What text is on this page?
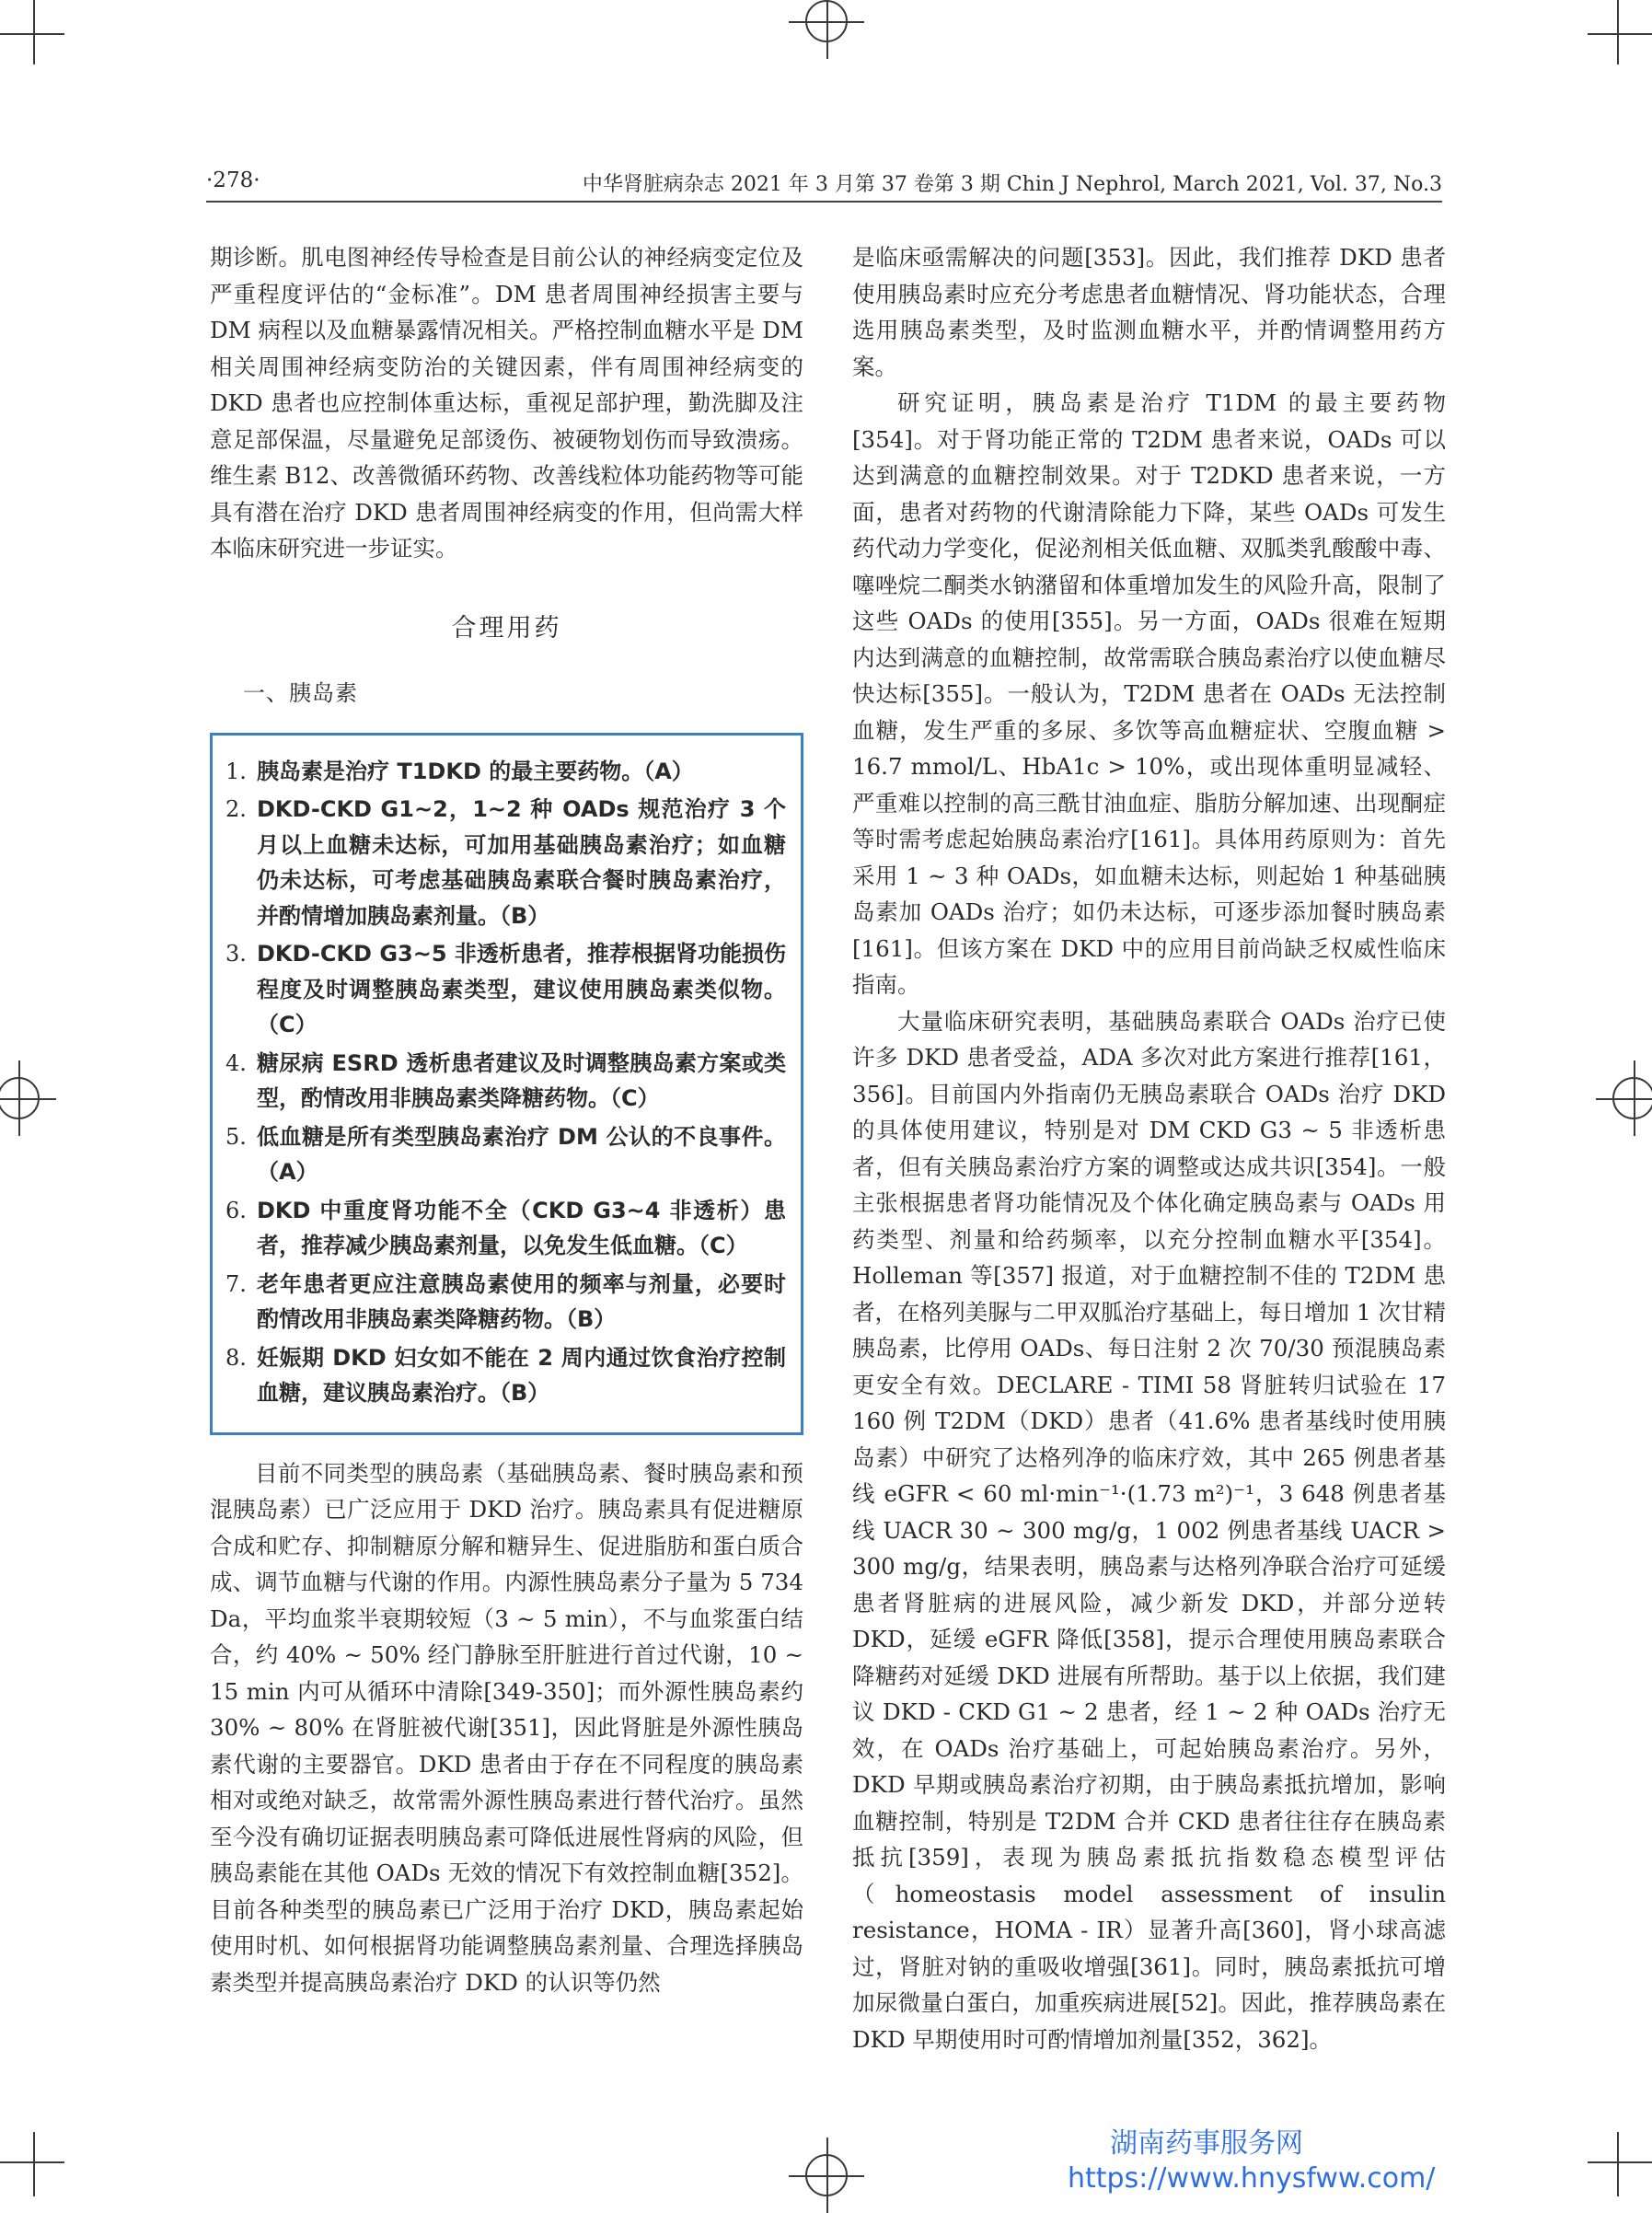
·278·	中华肾脏病杂志 2021 年 3 月第 37 卷第 3 期 Chin J Nephrol, March 2021, Vol. 37, No.3

期诊断。肌电图神经传导检查是目前公认的神经病变定位及严重程度评估的“金标准”。DM 患者周围神经损害主要与 DM 病程以及血糖暴露情况相关。严格控制血糖水平是 DM 相关周围神经病变防治的关键因素，伴有周围神经病变的 DKD 患者也应控制体重达标，重视足部护理，勤洗脚及注意足部保温，尽量避免足部烫伤、被硬物划伤而导致溃疡。维生素 B12、改善微循环药物、改善线粒体功能药物等可能具有潜在治疗 DKD 患者周围神经病变的作用，但尚需大样本临床研究进一步证实。

合理用药
一、胰岛素
1. 胰岛素是治疗 T1DKD 的最主要药物。（A）
2. DKD-CKD G1~2，1~2 种 OADs 规范治疗 3 个月以上血糖未达标，可加用基础胰岛素治疗；如血糖仍未达标，可考虑基础胰岛素联合餐时胰岛素治疗，并酌情增加胰岛素剂量。（B）
3. DKD-CKD G3~5 非透析患者，推荐根据肾功能损伤程度及时调整胰岛素类型，建议使用胰岛素类似物。（C）
4. 糖尿病 ESRD 透析患者建议及时调整胰岛素方案或类型，酌情改用非胰岛素类降糖药物。（C）
5. 低血糖是所有类型胰岛素治疗 DM 公认的不良事件。（A）
6. DKD 中重度肾功能不全（CKD G3~4 非透析）患者，推荐减少胰岛素剂量，以免发生低血糖。（C）
7. 老年患者更应注意胰岛素使用的频率与剂量，必要时酌情改用非胰岛素类降糖药物。（B）
8. 妊娠期 DKD 妇女如不能在 2 周内通过饮食治疗控制血糖，建议胰岛素治疗。（B）

目前不同类型的胰岛素（基础胰岛素、餐时胰岛素和预混胰岛素）已广泛应用于 DKD 治疗。胰岛素具有促进糖原合成和贮存、抑制糖原分解和糖异生、促进脂肪和蛋白质合成、调节血糖与代谢的作用。内源性胰岛素分子量为 5 734 Da，平均血浆半衰期较短（3 ~ 5 min），不与血浆蛋白结合，约 40% ~ 50% 经门静脉至肝脏进行首过代谢，10 ~ 15 min 内可从循环中清除[349-350]；而外源性胰岛素约 30% ~ 80% 在肾脏被代谢[351]，因此肾脏是外源性胰岛素代谢的主要器官。DKD 患者由于存在不同程度的胰岛素相对或绝对缺乏，故常需外源性胰岛素进行替代治疗。虽然至今没有确切证据表明胰岛素可降低进展性肾病的风险，但胰岛素能在其他 OADs 无效的情况下有效控制血糖[352]。目前各种类型的胰岛素已广泛用于治疗 DKD，胰岛素起始使用时机、如何根据肾功能调整胰岛素剂量、合理选择胰岛素类型并提高胰岛素治疗 DKD 的认识等仍然

是临床亟需解决的问题[353]。因此，我们推荐 DKD 患者使用胰岛素时应充分考虑患者血糖情况、肾功能状态，合理选用胰岛素类型，及时监测血糖水平，并酌情调整用药方案。

研究证明，胰岛素是治疗 T1DM 的最主要药物[354]。对于肾功能正常的 T2DM 患者来说，OADs 可以达到满意的血糖控制效果。对于 T2DKD 患者来说，一方面，患者对药物的代谢清除能力下降，某些 OADs 可发生药代动力学变化，促泌剂相关低血糖、双胍类乳酸酸中毒、噻唑烷二酮类水钠潴留和体重增加发生的风险升高，限制了这些 OADs 的使用[355]。另一方面，OADs 很难在短期内达到满意的血糖控制，故常需联合胰岛素治疗以使血糖尽快达标[355]。一般认为，T2DM 患者在 OADs 无法控制血糖，发生严重的多尿、多饮等高血糖症状、空腹血糖 > 16.7 mmol/L、HbA1c > 10%，或出现体重明显减轻、严重难以控制的高三酰甘油血症、脂肪分解加速、出现酮症等时需考虑起始胰岛素治疗[161]。具体用药原则为：首先采用 1 ~ 3 种 OADs，如血糖未达标，则起始 1 种基础胰岛素加 OADs 治疗；如仍未达标，可逐步添加餐时胰岛素[161]。但该方案在 DKD 中的应用目前尚缺乏权威性临床指南。

大量临床研究表明，基础胰岛素联合 OADs 治疗已使许多 DKD 患者受益，ADA 多次对此方案进行推荐[161，356]。目前国内外指南仍无胰岛素联合 OADs 治疗 DKD 的具体使用建议，特别是对 DM CKD G3 ~ 5 非透析患者，但有关胰岛素治疗方案的调整或达成共识[354]。一般主张根据患者肾功能情况及个体化确定胰岛素与 OADs 用药类型、剂量和给药频率，以充分控制血糖水平[354]。Holleman 等[357] 报道，对于血糖控制不佳的 T2DM 患者，在格列美脲与二甲双胍治疗基础上，每日增加 1 次甘精胰岛素，比停用 OADs、每日注射 2 次 70/30 预混胰岛素更安全有效。DECLARE - TIMI 58 肾脏转归试验在 17 160 例 T2DM（DKD）患者（41.6% 患者基线时使用胰岛素）中研究了达格列净的临床疗效，其中 265 例患者基线 eGFR < 60 ml·min⁻¹·(1.73 m²)⁻¹，3 648 例患者基线 UACR 30 ~ 300 mg/g，1 002 例患者基线 UACR > 300 mg/g，结果表明，胰岛素与达格列净联合治疗可延缓患者肾脏病的进展风险，减少新发 DKD，并部分逆转 DKD，延缓 eGFR 降低[358]，提示合理使用胰岛素联合降糖药对延缓 DKD 进展有所帮助。基于以上依据，我们建议 DKD - CKD G1 ~ 2 患者，经 1 ~ 2 种 OADs 治疗无效，在 OADs 治疗基础上，可起始胰岛素治疗。另外，DKD 早期或胰岛素治疗初期，由于胰岛素抵抗增加，影响血糖控制，特别是 T2DM 合并 CKD 患者往往存在胰岛素抵抗[359]，表现为胰岛素抵抗指数稳态模型评估（homeostasis model assessment of insulin resistance，HOMA - IR）显著升高[360]，肾小球高滤过，肾脏对钠的重吸收增强[361]。同时，胰岛素抵抗可增加尿微量白蛋白，加重疾病进展[52]。因此，推荐胰岛素在 DKD 早期使用时可酌情增加剂量[352，362]。

湖南药事服务网
https://www.hnysfww.com/
